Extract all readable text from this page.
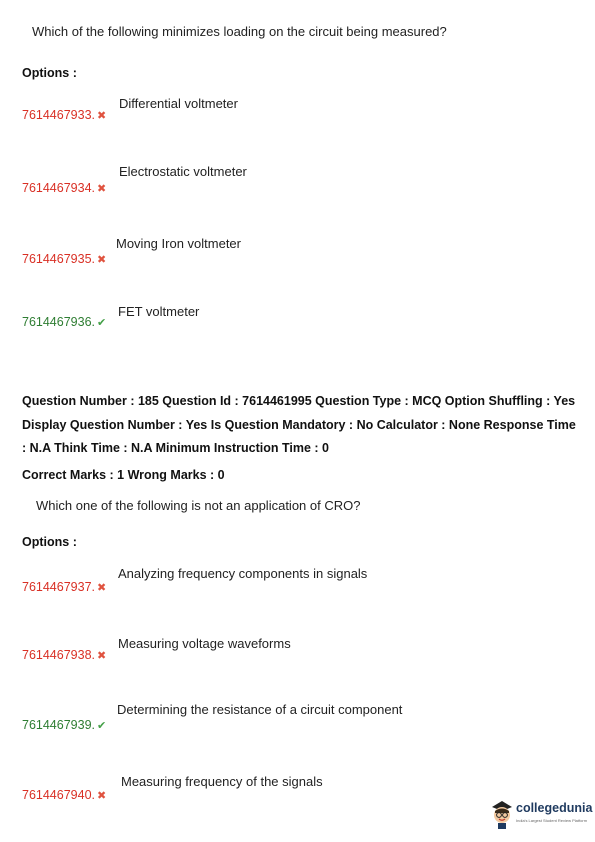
Which of the following minimizes loading on the circuit being measured?
Options :
7614467933. ✖
Differential voltmeter
7614467934. ✖
Electrostatic voltmeter
7614467935. ✖
Moving Iron voltmeter
7614467936. ✔
FET voltmeter
Question Number : 185 Question Id : 7614461995 Question Type : MCQ Option Shuffling : Yes
Display Question Number : Yes Is Question Mandatory : No Calculator : None Response Time
: N.A Think Time : N.A Minimum Instruction Time : 0
Correct Marks : 1 Wrong Marks : 0
Which one of the following is not an application of CRO?
Options :
7614467937. ✖
Analyzing frequency components in signals
7614467938. ✖
Measuring voltage waveforms
7614467939. ✔
Determining the resistance of a circuit component
7614467940. ✖
Measuring frequency of the signals
collegedunia
India's Largest Student Review Platform
